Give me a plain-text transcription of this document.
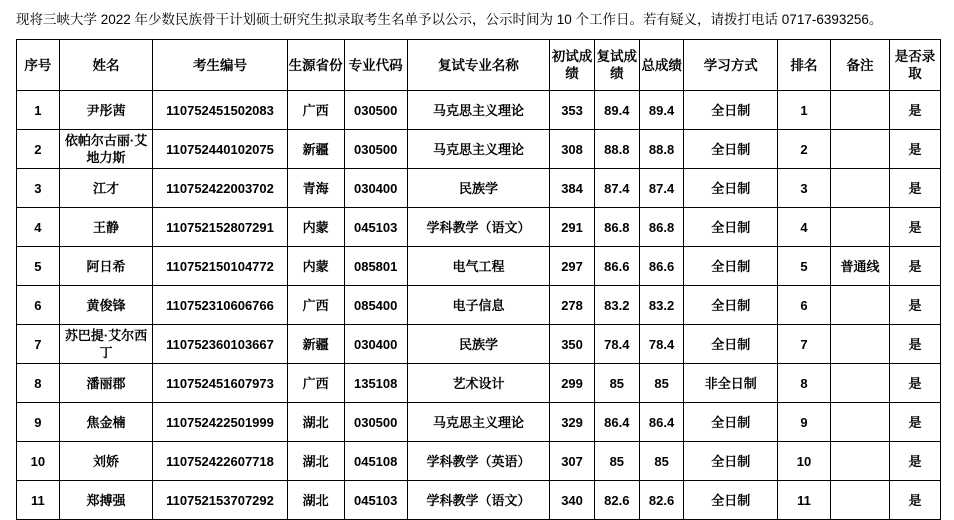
现将三峡大学 2022 年少数民族骨干计划硕士研究生拟录取考生名单予以公示，公示时间为 10 个工作日。若有疑义，请拨打电话 0717-6393256。
序号	姓名	考生编号	生源省份	专业代码	复试专业名称	初试成绩	复试成绩	总成绩	学习方式	排名	备注	是否录取
1	尹彤茜	110752451502083	广西	030500	马克思主义理论	353	89.4	89.4	全日制	1		是
2	依帕尔古丽·艾地力斯	110752440102075	新疆	030500	马克思主义理论	308	88.8	88.8	全日制	2		是
3	江才	110752422003702	青海	030400	民族学	384	87.4	87.4	全日制	3		是
4	王静	110752152807291	内蒙	045103	学科教学（语文）	291	86.8	86.8	全日制	4		是
5	阿日希	110752150104772	内蒙	085801	电气工程	297	86.6	86.6	全日制	5	普通线	是
6	黄俊锋	110752310606766	广西	085400	电子信息	278	83.2	83.2	全日制	6		是
7	苏巴提·艾尔西丁	110752360103667	新疆	030400	民族学	350	78.4	78.4	全日制	7		是
8	潘丽郡	110752451607973	广西	135108	艺术设计	299	85	85	非全日制	8		是
9	焦金楠	110752422501999	湖北	030500	马克思主义理论	329	86.4	86.4	全日制	9		是
10	刘娇	110752422607718	湖北	045108	学科教学（英语）	307	85	85	全日制	10		是
11	郑搏强	110752153707292	湖北	045103	学科教学（语文）	340	82.6	82.6	全日制	11		是
